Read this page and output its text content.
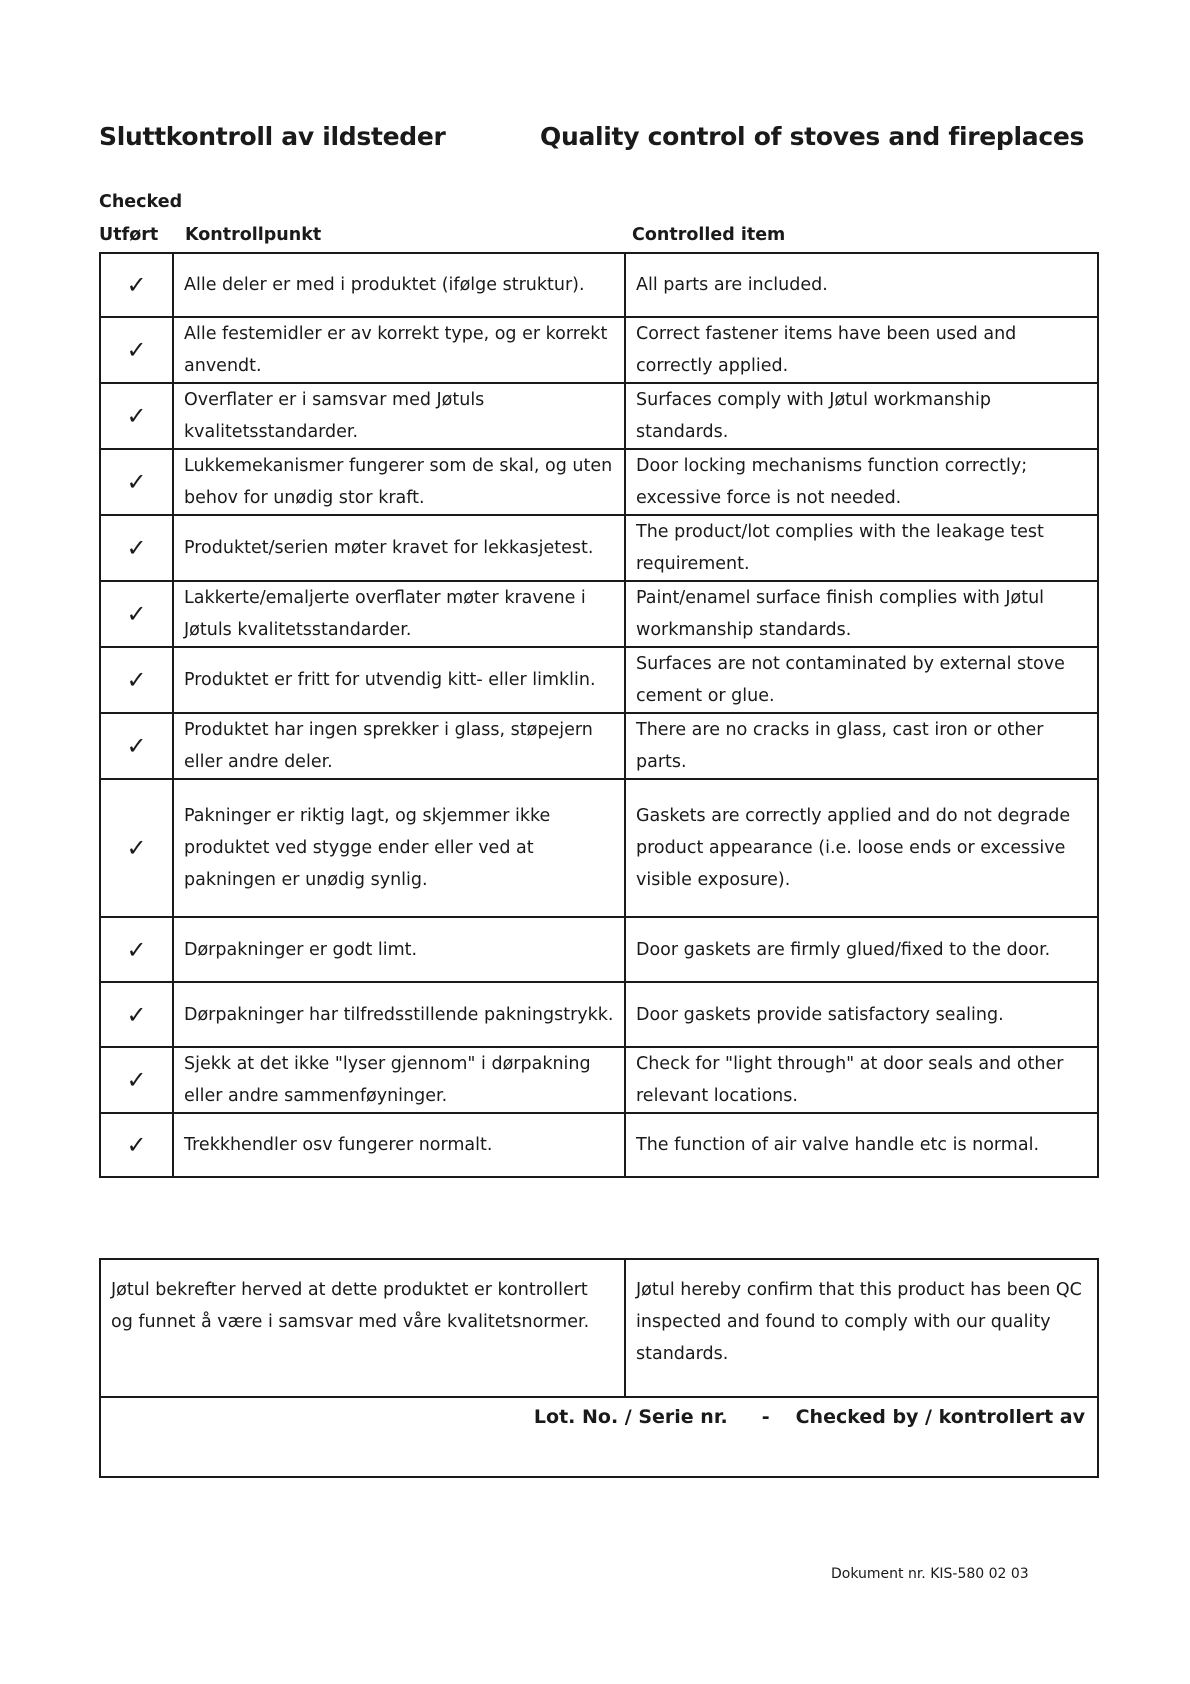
Sluttkontroll av ildsteder	Quality control of stoves and fireplaces
Checked
Utført Kontrollpunkt	Controlled item
✓	Alle deler er med i produktet (ifølge struktur).	All parts are included.
✓	Alle festemidler er av korrekt type, og er korrekt anvendt.	Correct fastener items have been used and correctly applied.
✓	Overflater er i samsvar med Jøtuls kvalitetsstandarder.	Surfaces comply with Jøtul workmanship standards.
✓	Lukkemekanismer fungerer som de skal, og uten behov for unødig stor kraft.	Door locking mechanisms function correctly; excessive force is not needed.
✓	Produktet/serien møter kravet for lekkasjetest.	The product/lot complies with the leakage test requirement.
✓	Lakkerte/emaljerte overflater møter kravene i Jøtuls kvalitetsstandarder.	Paint/enamel surface finish complies with Jøtul workmanship standards.
✓	Produktet er fritt for utvendig kitt- eller limklin.	Surfaces are not contaminated by external stove cement or glue.
✓	Produktet har ingen sprekker i glass, støpejern eller andre deler.	There are no cracks in glass, cast iron or other parts.
✓	Pakninger er riktig lagt, og skjemmer ikke produktet ved stygge ender eller ved at pakningen er unødig synlig.	Gaskets are correctly applied and do not degrade product appearance (i.e. loose ends or excessive visible exposure).
✓	Dørpakninger er godt limt.	Door gaskets are firmly glued/fixed to the door.
✓	Dørpakninger har tilfredsstillende pakningstrykk.	Door gaskets provide satisfactory sealing.
✓	Sjekk at det ikke "lyser gjennom" i dørpakning eller andre sammenføyninger.	Check for "light through" at door seals and other relevant locations.
✓	Trekkhendler osv fungerer normalt.	The function of air valve handle etc is normal.
Jøtul bekrefter herved at dette produktet er kontrollert og funnet å være i samsvar med våre kvalitetsnormer.	Jøtul hereby confirm that this product has been QC inspected and found to comply with our quality standards.
Lot. No. / Serie nr. - Checked by / kontrollert av
Dokument nr. KIS-580 02 03
